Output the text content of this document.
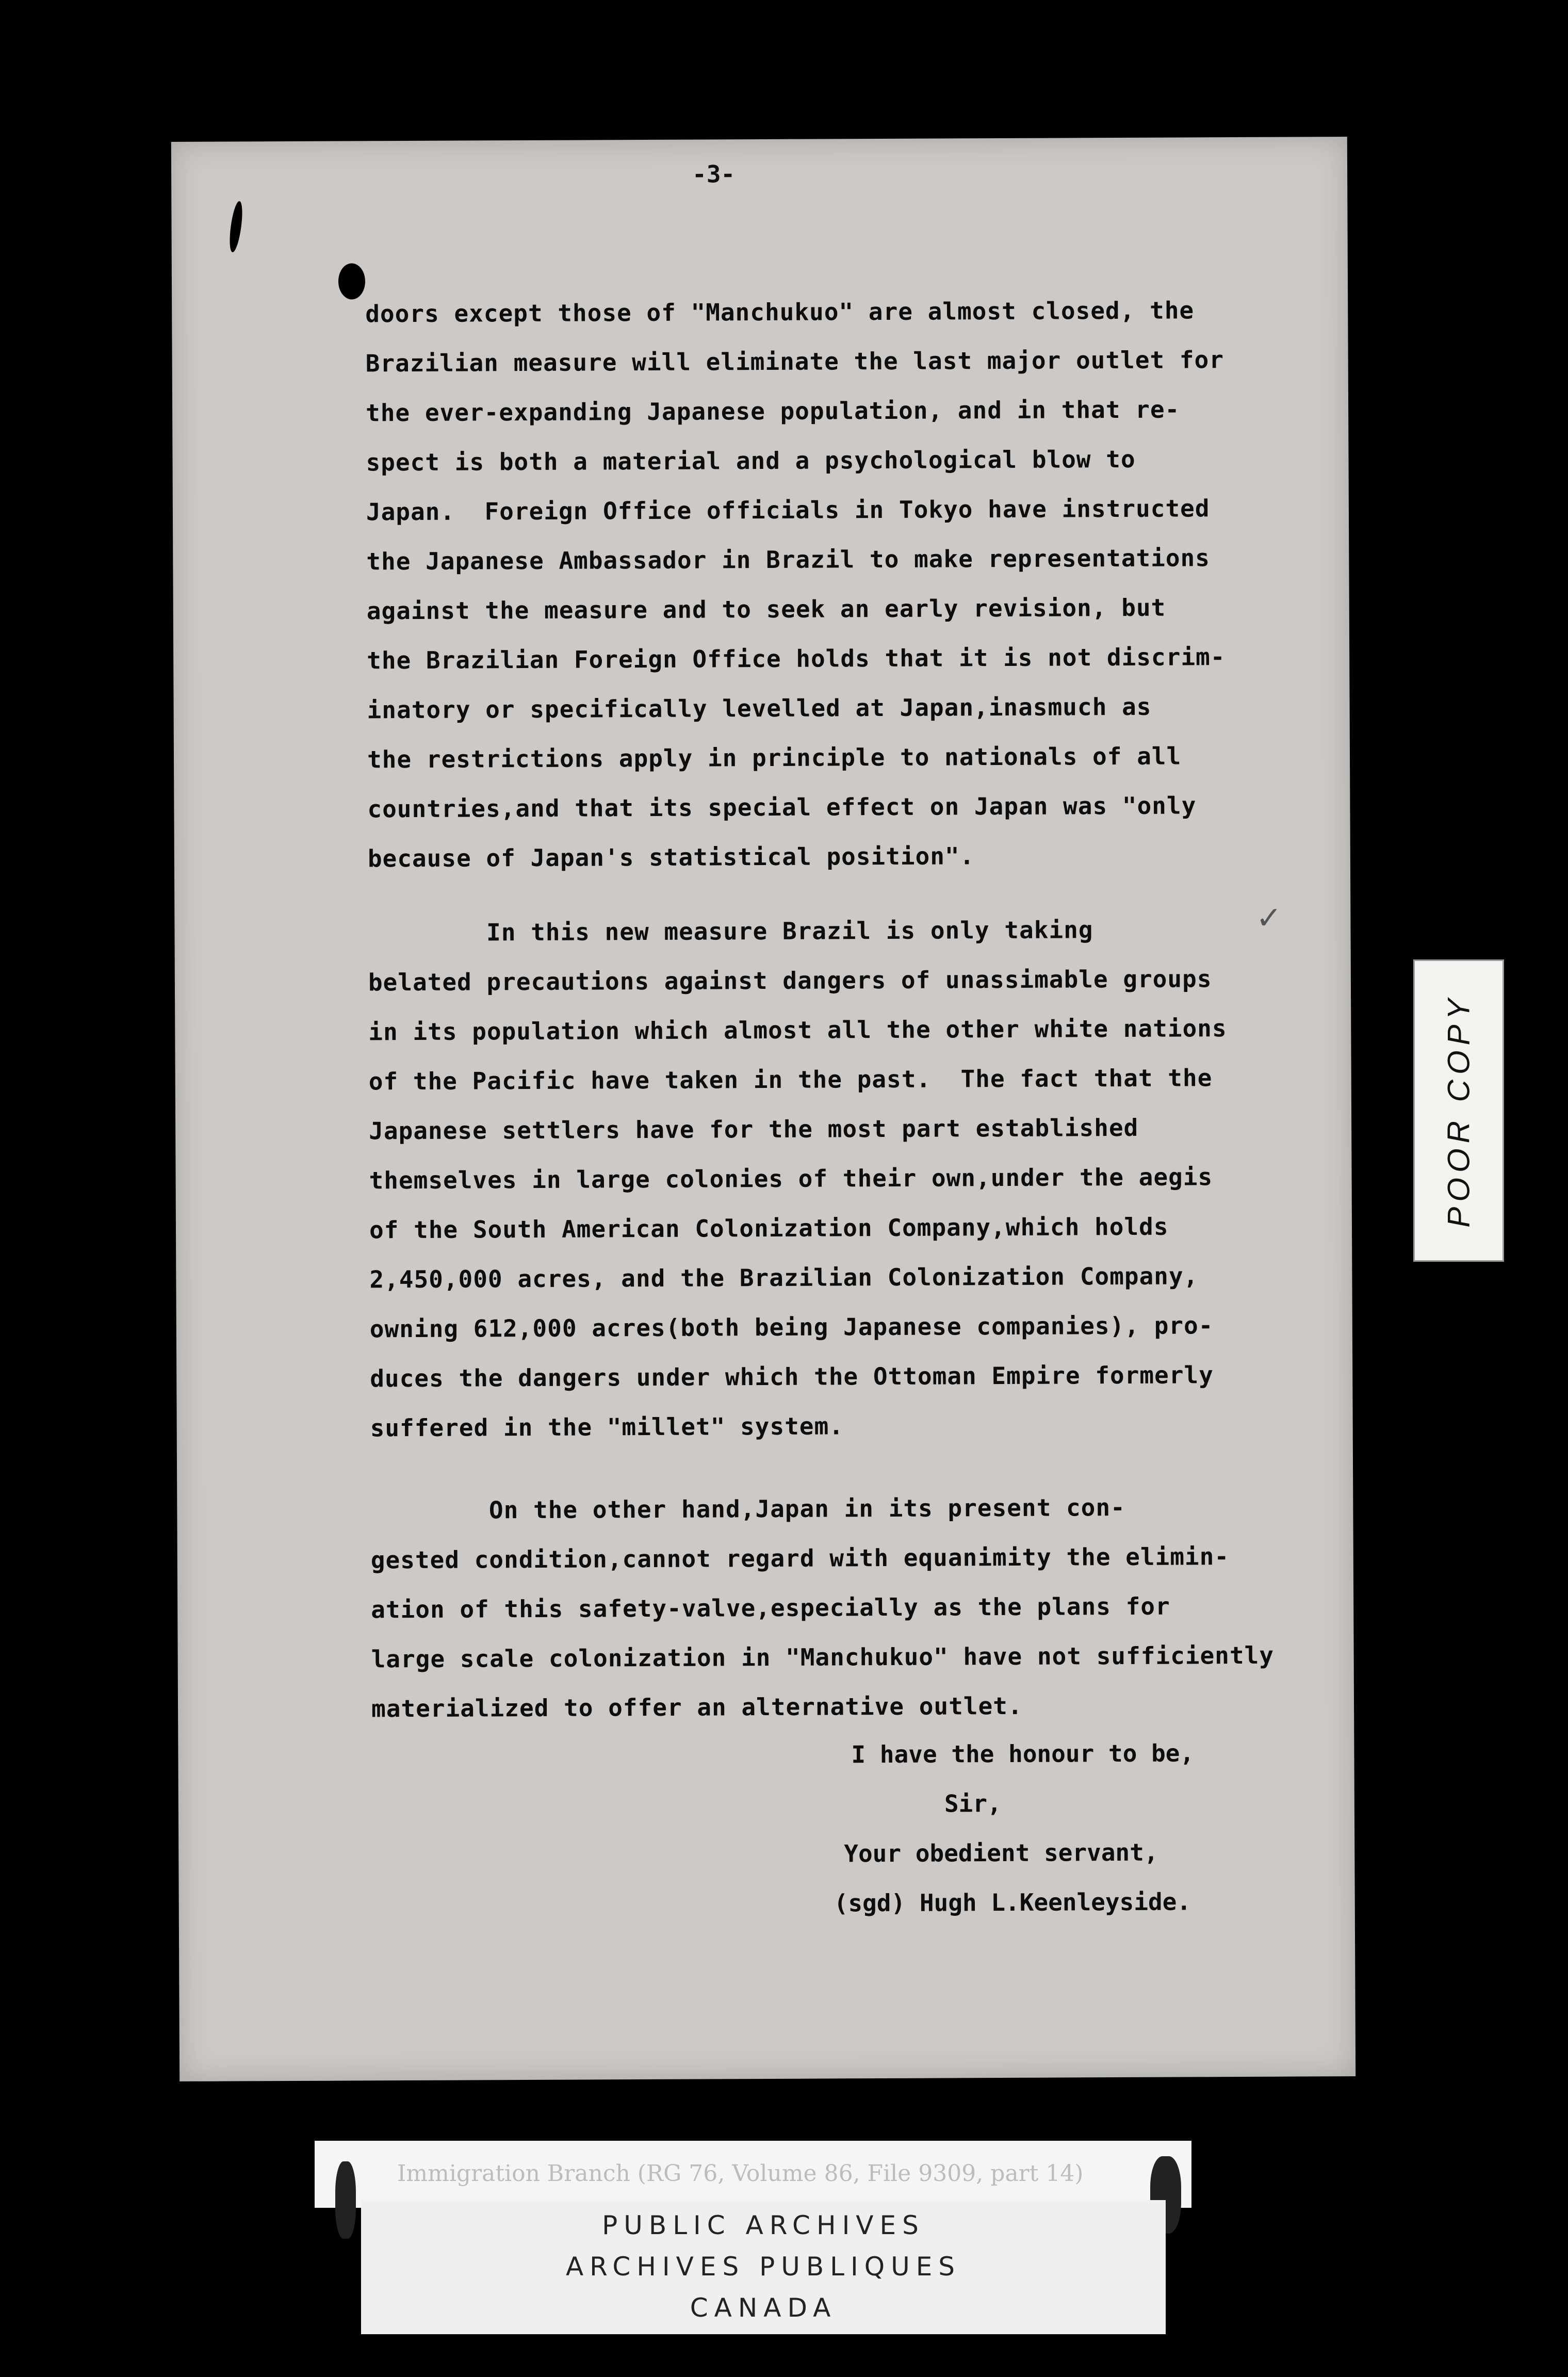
-3-
doors except those of "Manchukuo" are almost closed, the
Brazilian measure will eliminate the last major outlet for
the ever-expanding Japanese population, and in that re-
spect is both a material and a psychological blow to
Japan.  Foreign Office officials in Tokyo have instructed
the Japanese Ambassador in Brazil to make representations
against the measure and to seek an early revision, but
the Brazilian Foreign Office holds that it is not discrim-
inatory or specifically levelled at Japan,inasmuch as
the restrictions apply in principle to nationals of all
countries,and that its special effect on Japan was "only
because of Japan's statistical position".
In this new measure Brazil is only taking
belated precautions against dangers of unassimable groups
in its population which almost all the other white nations
of the Pacific have taken in the past.  The fact that the
Japanese settlers have for the most part established
themselves in large colonies of their own,under the aegis
of the South American Colonization Company,which holds
2,450,000 acres, and the Brazilian Colonization Company,
owning 612,000 acres(both being Japanese companies), pro-
duces the dangers under which the Ottoman Empire formerly
suffered in the "millet" system.
On the other hand,Japan in its present con-
gested condition,cannot regard with equanimity the elimin-
ation of this safety-valve,especially as the plans for
large scale colonization in "Manchukuo" have not sufficiently
materialized to offer an alternative outlet.
I have the honour to be,
Sir,
Your obedient servant,
(sgd) Hugh L.Keenleyside.
✓
POOR COPY
Immigration Branch (RG 76, Volume 86, File 9309, part 14)
PUBLIC ARCHIVES
ARCHIVES PUBLIQUES
CANADA
